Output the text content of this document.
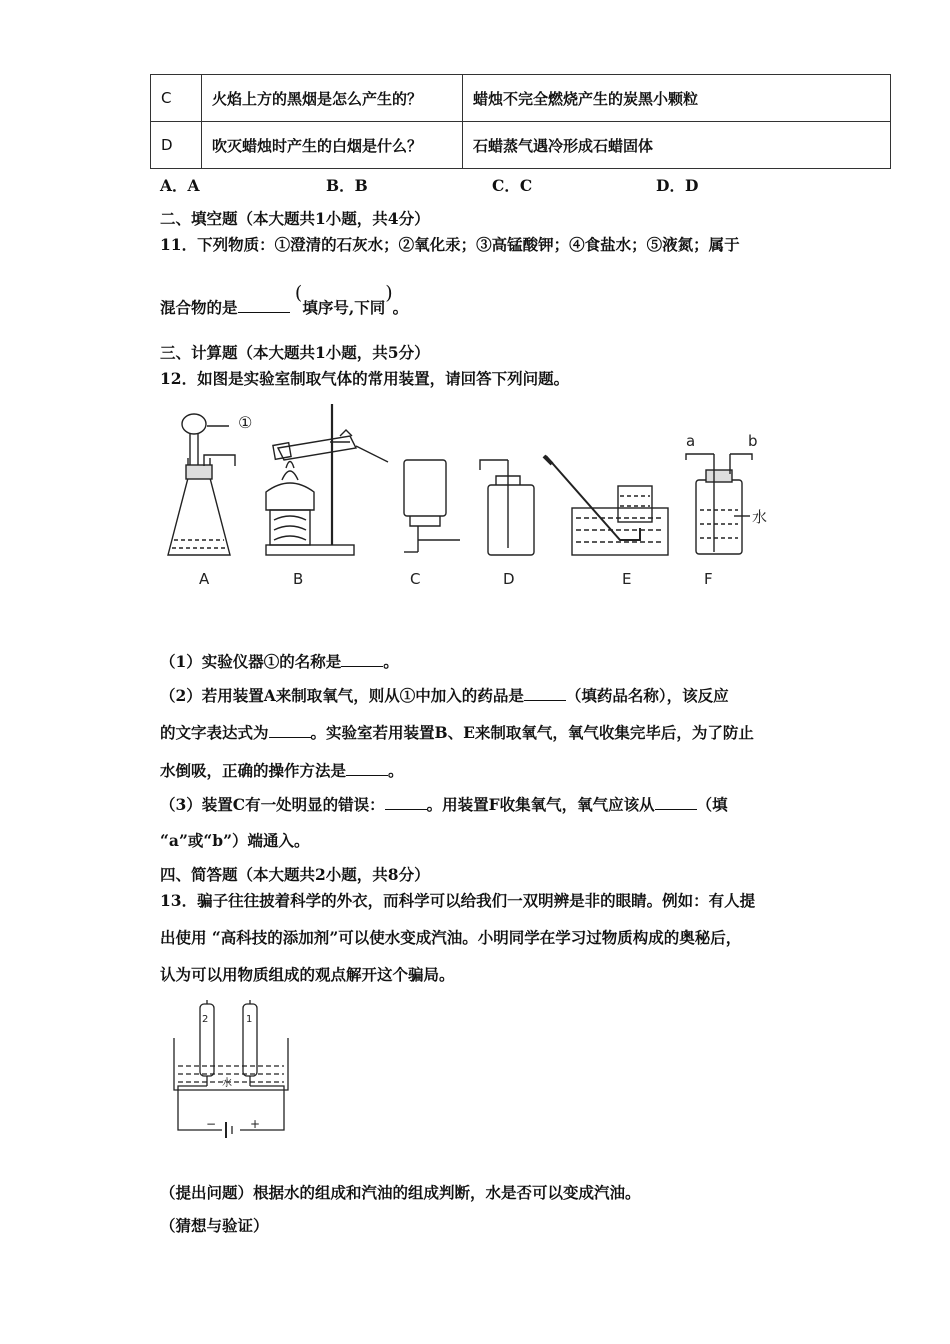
C	火焰上方的黑烟是怎么产生的？	蜡烛不完全燃烧产生的炭黑小颗粒
D	吹灭蜡烛时产生的白烟是什么？	石蜡蒸气遇冷形成石蜡固体
A．A	B．B	C．C	D．D
二、填空题（本大题共1小题，共4分）
11．下列物质：①澄清的石灰水；②氧化汞；③高锰酸钾；④食盐水；⑤液氮；属于
混合物的是 (填序号,下同)。
三、计算题（本大题共1小题，共5分）
12．如图是实验室制取气体的常用装置，请回答下列问题。
①
a	b
水
A	B	C	D	E	F
（1）实验仪器①的名称是	。
（2）若用装置A来制取氧气，则从①中加入的药品是	（填药品名称），该反应
的文字表达式为	。实验室若用装置B、E来制取氧气，氧气收集完毕后，为了防止
水倒吸，正确的操作方法是	。
（3）装置C有一处明显的错误：	。用装置F收集氧气，氧气应该从	（填
“a”或“b”）端通入。
四、简答题（本大题共2小题，共8分）
13．骗子往往披着科学的外衣，而科学可以给我们一双明辨是非的眼睛。例如：有人提
出使用 “高科技的添加剂”可以使水变成汽油。小明同学在学习过物质构成的奥秘后，
认为可以用物质组成的观点解开这个骗局。
2	1
水
−	+
（提出问题）根据水的组成和汽油的组成判断，水是否可以变成汽油。
（猜想与验证）
